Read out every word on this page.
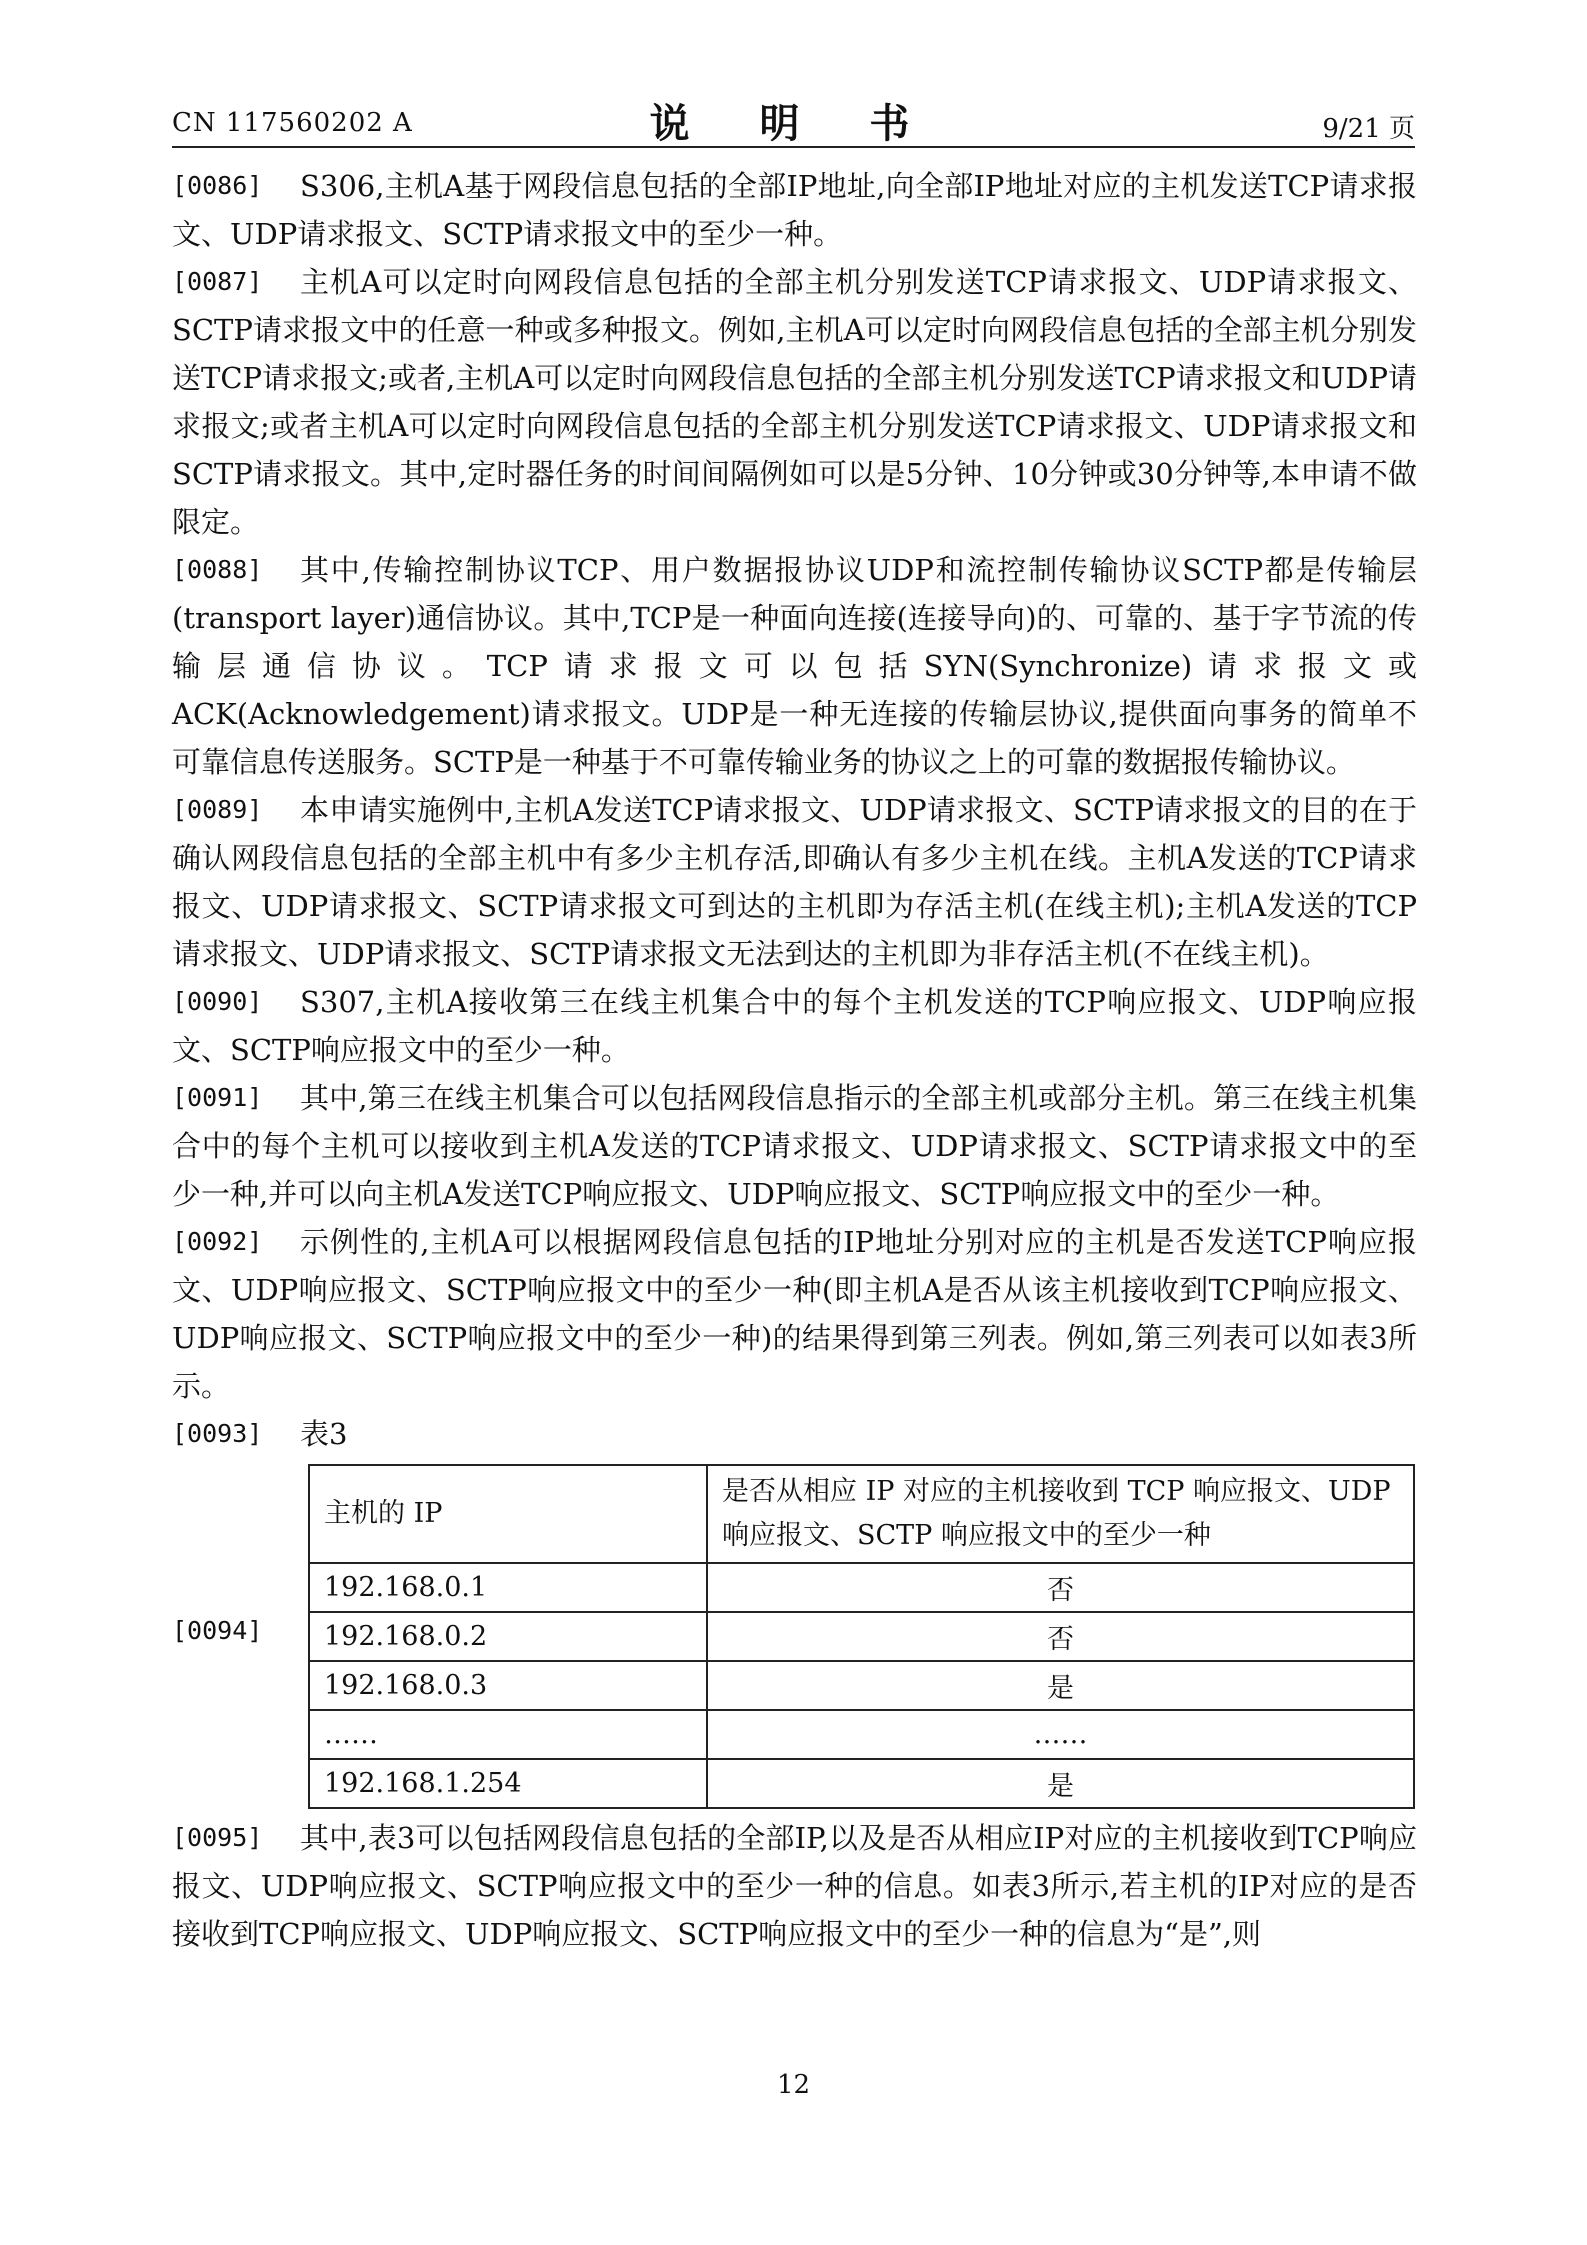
CN 117560202 A	说 明 书	9/21 页

[0086] S306,主机A基于网段信息包括的全部IP地址,向全部IP地址对应的主机发送TCP请求报文、UDP请求报文、SCTP请求报文中的至少一种。

[0087] 主机A可以定时向网段信息包括的全部主机分别发送TCP请求报文、UDP请求报文、SCTP请求报文中的任意一种或多种报文。例如,主机A可以定时向网段信息包括的全部主机分别发送TCP请求报文;或者,主机A可以定时向网段信息包括的全部主机分别发送TCP请求报文和UDP请求报文;或者主机A可以定时向网段信息包括的全部主机分别发送TCP请求报文、UDP请求报文和SCTP请求报文。其中,定时器任务的时间间隔例如可以是5分钟、10分钟或30分钟等,本申请不做限定。

[0088] 其中,传输控制协议TCP、用户数据报协议UDP和流控制传输协议SCTP都是传输层(transport layer)通信协议。其中,TCP是一种面向连接(连接导向)的、可靠的、基于字节流的传输层通信协议。TCP请求报文可以包括SYN(Synchronize)请求报文或ACK(Acknowledgement)请求报文。UDP是一种无连接的传输层协议,提供面向事务的简单不可靠信息传送服务。SCTP是一种基于不可靠传输业务的协议之上的可靠的数据报传输协议。

[0089] 本申请实施例中,主机A发送TCP请求报文、UDP请求报文、SCTP请求报文的目的在于确认网段信息包括的全部主机中有多少主机存活,即确认有多少主机在线。主机A发送的TCP请求报文、UDP请求报文、SCTP请求报文可到达的主机即为存活主机(在线主机);主机A发送的TCP请求报文、UDP请求报文、SCTP请求报文无法到达的主机即为非存活主机(不在线主机)。

[0090] S307,主机A接收第三在线主机集合中的每个主机发送的TCP响应报文、UDP响应报文、SCTP响应报文中的至少一种。

[0091] 其中,第三在线主机集合可以包括网段信息指示的全部主机或部分主机。第三在线主机集合中的每个主机可以接收到主机A发送的TCP请求报文、UDP请求报文、SCTP请求报文中的至少一种,并可以向主机A发送TCP响应报文、UDP响应报文、SCTP响应报文中的至少一种。

[0092] 示例性的,主机A可以根据网段信息包括的IP地址分别对应的主机是否发送TCP响应报文、UDP响应报文、SCTP响应报文中的至少一种(即主机A是否从该主机接收到TCP响应报文、UDP响应报文、SCTP响应报文中的至少一种)的结果得到第三列表。例如,第三列表可以如表3所示。

[0093] 表3

[0094]
主机的 IP	是否从相应 IP 对应的主机接收到 TCP 响应报文、UDP 响应报文、SCTP 响应报文中的至少一种
192.168.0.1	否
192.168.0.2	否
192.168.0.3	是
……	……
192.168.1.254	是

[0095] 其中,表3可以包括网段信息包括的全部IP,以及是否从相应IP对应的主机接收到TCP响应报文、UDP响应报文、SCTP响应报文中的至少一种的信息。如表3所示,若主机的IP对应的是否接收到TCP响应报文、UDP响应报文、SCTP响应报文中的至少一种的信息为“是”,则

12
